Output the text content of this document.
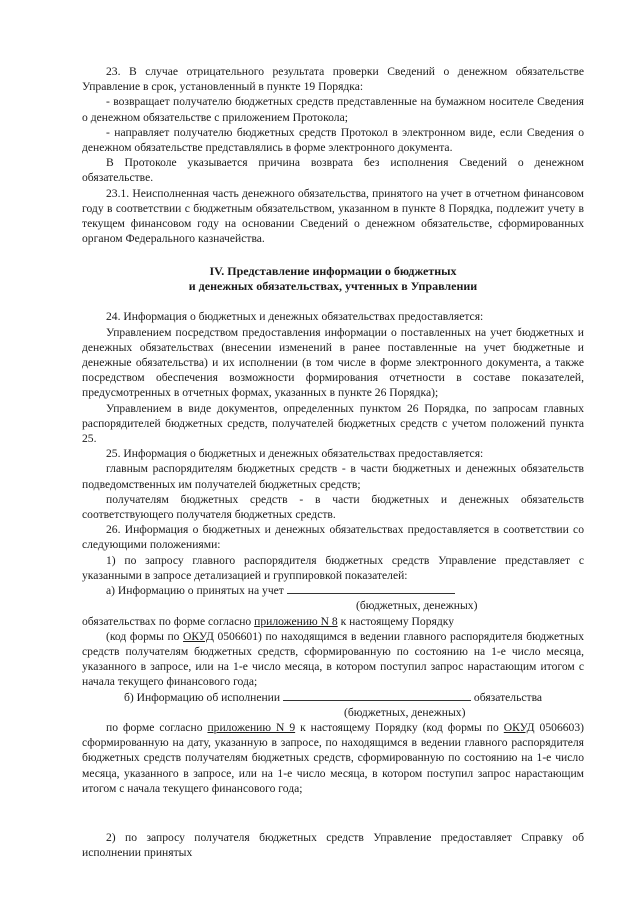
23. В случае отрицательного результата проверки Сведений о денежном обязательстве Управление в срок, установленный в пункте 19 Порядка:

- возвращает получателю бюджетных средств представленные на бумажном носителе Сведения о денежном обязательстве с приложением Протокола;

- направляет получателю бюджетных средств Протокол в электронном виде, если Сведения о денежном обязательстве представлялись в форме электронного документа.

В Протоколе указывается причина возврата без исполнения Сведений о денежном обязательстве.

23.1. Неисполненная часть денежного обязательства, принятого на учет в отчетном финансовом году в соответствии с бюджетным обязательством, указанном в пункте 8 Порядка, подлежит учету в текущем финансовом году на основании Сведений о денежном обязательстве, сформированных органом Федерального казначейства.

IV. Представление информации о бюджетных
и денежных обязательствах, учтенных в Управлении

24. Информация о бюджетных и денежных обязательствах предоставляется:

Управлением посредством предоставления информации о поставленных на учет бюджетных и денежных обязательствах (внесении изменений в ранее поставленные на учет бюджетные и денежные обязательства) и их исполнении (в том числе в форме электронного документа, а также посредством обеспечения возможности формирования отчетности в составе показателей, предусмотренных в отчетных формах, указанных в пункте 26 Порядка);

Управлением в виде документов, определенных пунктом 26 Порядка, по запросам главных распорядителей бюджетных средств, получателей бюджетных средств с учетом положений пункта 25.

25. Информация о бюджетных и денежных обязательствах предоставляется:

главным распорядителям бюджетных средств - в части бюджетных и денежных обязательств подведомственных им получателей бюджетных средств;

получателям бюджетных средств - в части бюджетных и денежных обязательств соответствующего получателя бюджетных средств.

26. Информация о бюджетных и денежных обязательствах предоставляется в соответствии со следующими положениями:

1) по запросу главного распорядителя бюджетных средств Управление представляет с указанными в запросе детализацией и группировкой показателей:

а) Информацию о принятых на учет
(бюджетных, денежных)

обязательствах по форме согласно приложению N 8 к настоящему Порядку

(код формы по ОКУД 0506601) по находящимся в ведении главного распорядителя бюджетных средств получателям бюджетных средств, сформированную по состоянию на 1-е число месяца, указанного в запросе, или на 1-е число месяца, в котором поступил запрос нарастающим итогом с начала текущего финансового года;

б) Информацию об исполнении	обязательства
(бюджетных, денежных)

по форме согласно приложению N 9 к настоящему Порядку (код формы по ОКУД 0506603) сформированную на дату, указанную в запросе, по находящимся в ведении главного распорядителя бюджетных средств получателям бюджетных средств, сформированную по состоянию на 1-е число месяца, указанного в запросе, или на 1-е число месяца, в котором поступил запрос нарастающим итогом с начала текущего финансового года;

2) по запросу получателя бюджетных средств Управление предоставляет Справку об исполнении принятых
